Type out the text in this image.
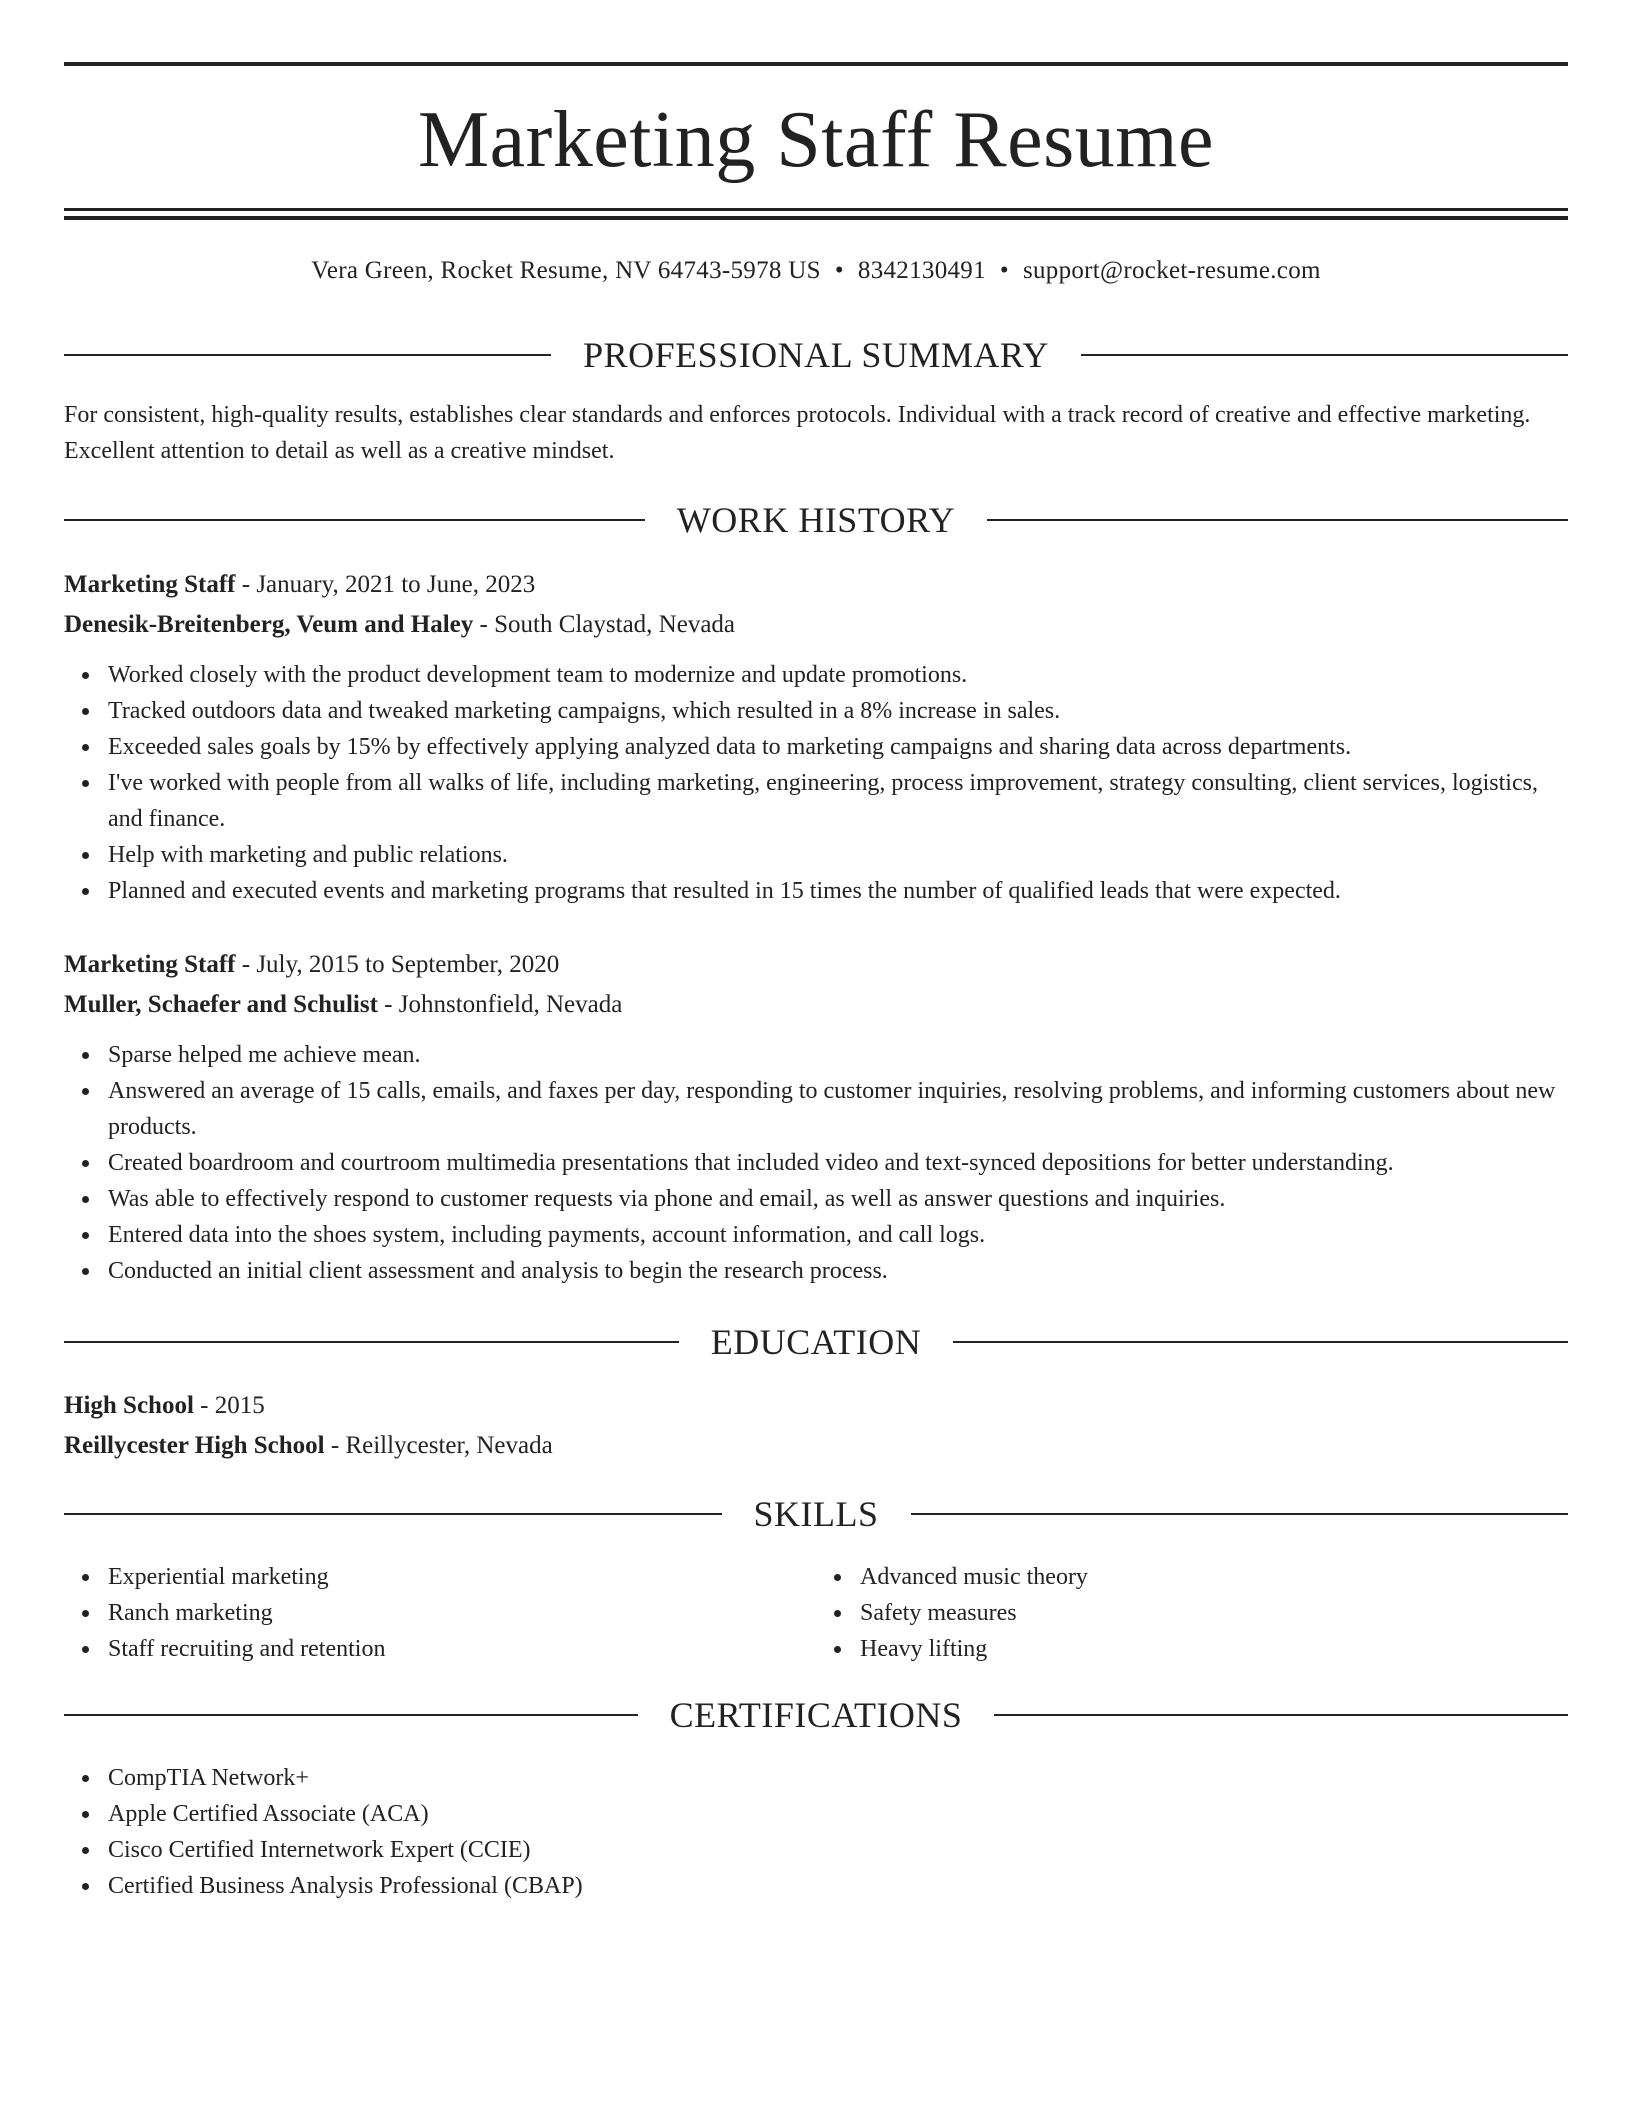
Marketing Staff Resume
Vera Green, Rocket Resume, NV 64743-5978 US • 8342130491 • support@rocket-resume.com
PROFESSIONAL SUMMARY

For consistent, high-quality results, establishes clear standards and enforces protocols. Individual with a track record of creative and effective marketing. Excellent attention to detail as well as a creative mindset.

WORK HISTORY

Marketing Staff - January, 2021 to June, 2023

Denesik-Breitenberg, Veum and Haley - South Claystad, Nevada

Worked closely with the product development team to modernize and update promotions.
Tracked outdoors data and tweaked marketing campaigns, which resulted in a 8% increase in sales.
Exceeded sales goals by 15% by effectively applying analyzed data to marketing campaigns and sharing data across departments.
I've worked with people from all walks of life, including marketing, engineering, process improvement, strategy consulting, client services, logistics, and finance.
Help with marketing and public relations.
Planned and executed events and marketing programs that resulted in 15 times the number of qualified leads that were expected.

Marketing Staff - July, 2015 to September, 2020

Muller, Schaefer and Schulist - Johnstonfield, Nevada

Sparse helped me achieve mean.
Answered an average of 15 calls, emails, and faxes per day, responding to customer inquiries, resolving problems, and informing customers about new products.
Created boardroom and courtroom multimedia presentations that included video and text-synced depositions for better understanding.
Was able to effectively respond to customer requests via phone and email, as well as answer questions and inquiries.
Entered data into the shoes system, including payments, account information, and call logs.
Conducted an initial client assessment and analysis to begin the research process.
EDUCATION

High School - 2015

Reillycester High School - Reillycester, Nevada

SKILLS
Experiential marketing
Ranch marketing
Staff recruiting and retention
Advanced music theory
Safety measures
Heavy lifting
CERTIFICATIONS
CompTIA Network+
Apple Certified Associate (ACA)
Cisco Certified Internetwork Expert (CCIE)
Certified Business Analysis Professional (CBAP)
